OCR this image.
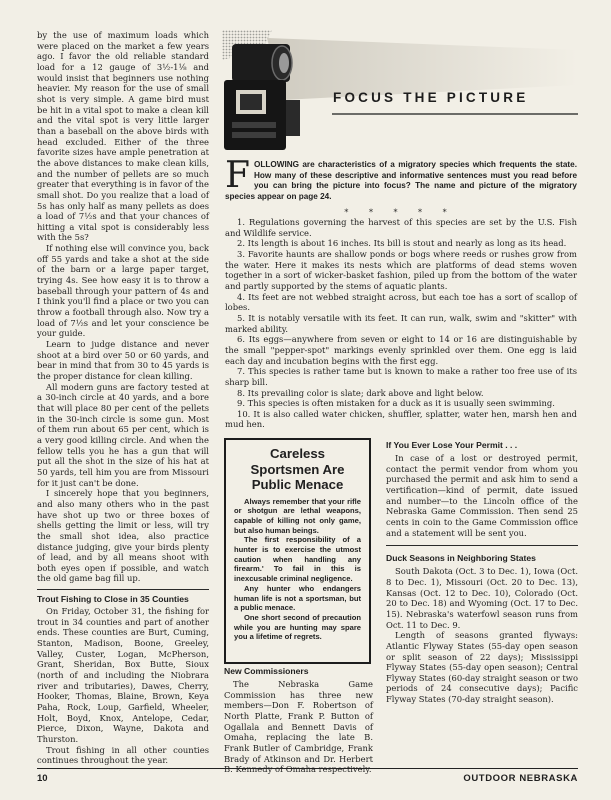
by the use of maximum loads which were placed on the market a few years ago. I favor the old reliable standard load for a 12 gauge of 3½-1⅛ and would insist that beginners use nothing heavier. My reason for the use of small shot is very simple. A game bird must be hit in a vital spot to make a clean kill and the vital spot is very little larger than a baseball on the above birds with head excluded. Either of the three favorite sizes have ample penetration at the above distances to make clean kills, and the number of pellets are so much greater that everything is in favor of the small shot. Do you realize that a load of 5s has only half as many pellets as does a load of 7½s and that your chances of hitting a vital spot is considerably less with the 5s?

If nothing else will convince you, back off 55 yards and take a shot at the side of the barn or a large paper target, trying 4s. See how easy it is to throw a baseball through your pattern of 4s and I think you'll find a place or two you can throw a football through also. Now try a load of 7½s and let your conscience be your guide.

Learn to judge distance and never shoot at a bird over 50 or 60 yards, and bear in mind that from 30 to 45 yards is the proper distance for clean killing.

All modern guns are factory tested at a 30-inch circle at 40 yards, and a bore that will place 80 per cent of the pellets in the 30-inch circle is some gun. Most of them run about 65 per cent, which is a very good killing circle. And when the fellow tells you he has a gun that will put all the shot in the size of his hat at 50 yards, tell him you are from Missouri for it just can't be done.

I sincerely hope that you beginners, and also many others who in the past have shot up two or three boxes of shells getting the limit or less, will try the small shot idea, also practice distance judging, give your birds plenty of lead, and by all means shoot with both eyes open if possible, and watch the old game bag fill up.

Trout Fishing to Close in 35 Counties

On Friday, October 31, the fishing for trout in 34 counties and part of another ends. These counties are Burt, Cuming, Stanton, Madison, Boone, Greeley, Valley, Custer, Logan, McPherson, Grant, Sheridan, Box Butte, Sioux (north of and including the Niobrara river and tributaries), Dawes, Cherry, Hooker, Thomas, Blaine, Brown, Keya Paha, Rock, Loup, Garfield, Wheeler, Holt, Boyd, Knox, Antelope, Cedar, Pierce, Dixon, Wayne, Dakota and Thurston.

Trout fishing in all other counties continues throughout the year.

FOCUS THE PICTURE
FOLLOWING are characteristics of a migratory species which frequents the state. How many of these descriptive and informative sentences must you read before you can bring the picture into focus? The name and picture of the migratory species appear on page 24.
* * * * *

1. Regulations governing the harvest of this species are set by the U.S. Fish and Wildlife service.

2. Its length is about 16 inches. Its bill is stout and nearly as long as its head.

3. Favorite haunts are shallow ponds or bogs where reeds or rushes grow from the water. Here it makes its nests which are platforms of dead stems woven together in a sort of wicker-basket fashion, piled up from the bottom of the water and partly supported by the stems of aquatic plants.

4. Its feet are not webbed straight across, but each toe has a sort of scallop of lobes.

5. It is notably versatile with its feet. It can run, walk, swim and "skitter" with marked ability.

6. Its eggs—anywhere from seven or eight to 14 or 16 are distinguishable by the small "pepper-spot" markings evenly sprinkled over them. One egg is laid each day and incubation begins with the first egg.

7. This species is rather tame but is known to make a rather too free use of its sharp bill.

8. Its prevailing color is slate; dark above and light below.

9. This species is often mistaken for a duck as it is usually seen swimming.

10. It is also called water chicken, shuffler, splatter, water hen, marsh hen and mud hen.

Careless Sportsmen Are Public Menace

Always remember that your rifle or shotgun are lethal weapons, capable of killing not only game, but also human beings.

The first responsibility of a hunter is to exercise the utmost caution when handling any firearm.' To fail in this is inexcusable criminal negligence.

Any hunter who endangers human life is not a sportsman, but a public menace.

One short second of precaution while you are hunting may spare you a lifetime of regrets.

New Commissioners

The Nebraska Game Commission has three new members—Don F. Robertson of North Platte, Frank P. Button of Ogallala and Bennett Davis of Omaha, replacing the late B. Frank Butler of Cambridge, Frank Brady of Atkinson and Dr. Herbert B. Kennedy of Omaha respectively.

If You Ever Lose Your Permit . . .

In case of a lost or destroyed permit, contact the permit vendor from whom you purchased the permit and ask him to send a vertification—kind of permit, date issued and number—to the Lincoln office of the Nebraska Game Commission. Then send 25 cents in coin to the Game Commission office and a statement will be sent you.

Duck Seasons in Neighboring States

South Dakota (Oct. 3 to Dec. 1), Iowa (Oct. 8 to Dec. 1), Missouri (Oct. 20 to Dec. 13), Kansas (Oct. 12 to Dec. 10), Colorado (Oct. 20 to Dec. 18) and Wyoming (Oct. 17 to Dec. 15). Nebraska's waterfowl season runs from Oct. 11 to Dec. 9.

Length of seasons granted flyways: Atlantic Flyway States (55-day open season or split season of 22 days); Mississippi Flyway States (55-day open season); Central Flyway States (60-day straight season or two periods of 24 consecutive days); Pacific Flyway States (70-day straight season).

10	OUTDOOR NEBRASKA
